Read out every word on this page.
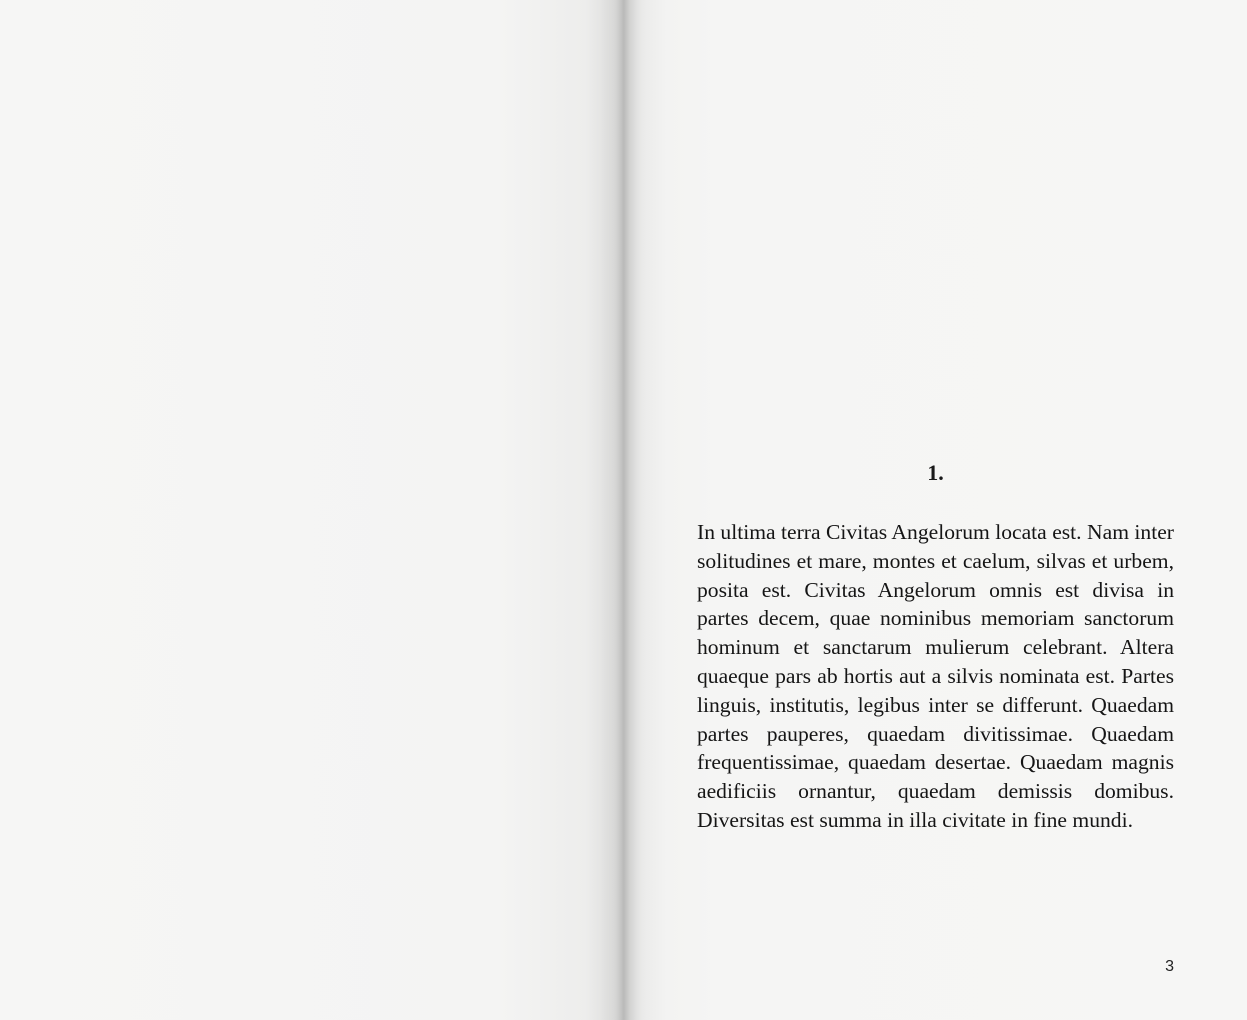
1.

In ultima terra Civitas Angelorum locata est. Nam inter solitudines et mare, montes et caelum, silvas et urbem, posita est. Civitas Angelorum omnis est divisa in partes decem, quae nominibus memoriam sanctorum hominum et sanctarum mulierum celebrant. Altera quaeque pars ab hortis aut a silvis nominata est. Partes linguis, institutis, legibus inter se differunt. Quaedam partes pauperes, quaedam divitissimae. Quaedam frequentissimae, quaedam desertae. Quaedam magnis aedificiis ornantur, quaedam demissis domibus. Diversitas est summa in illa civitate in fine mundi.

3
